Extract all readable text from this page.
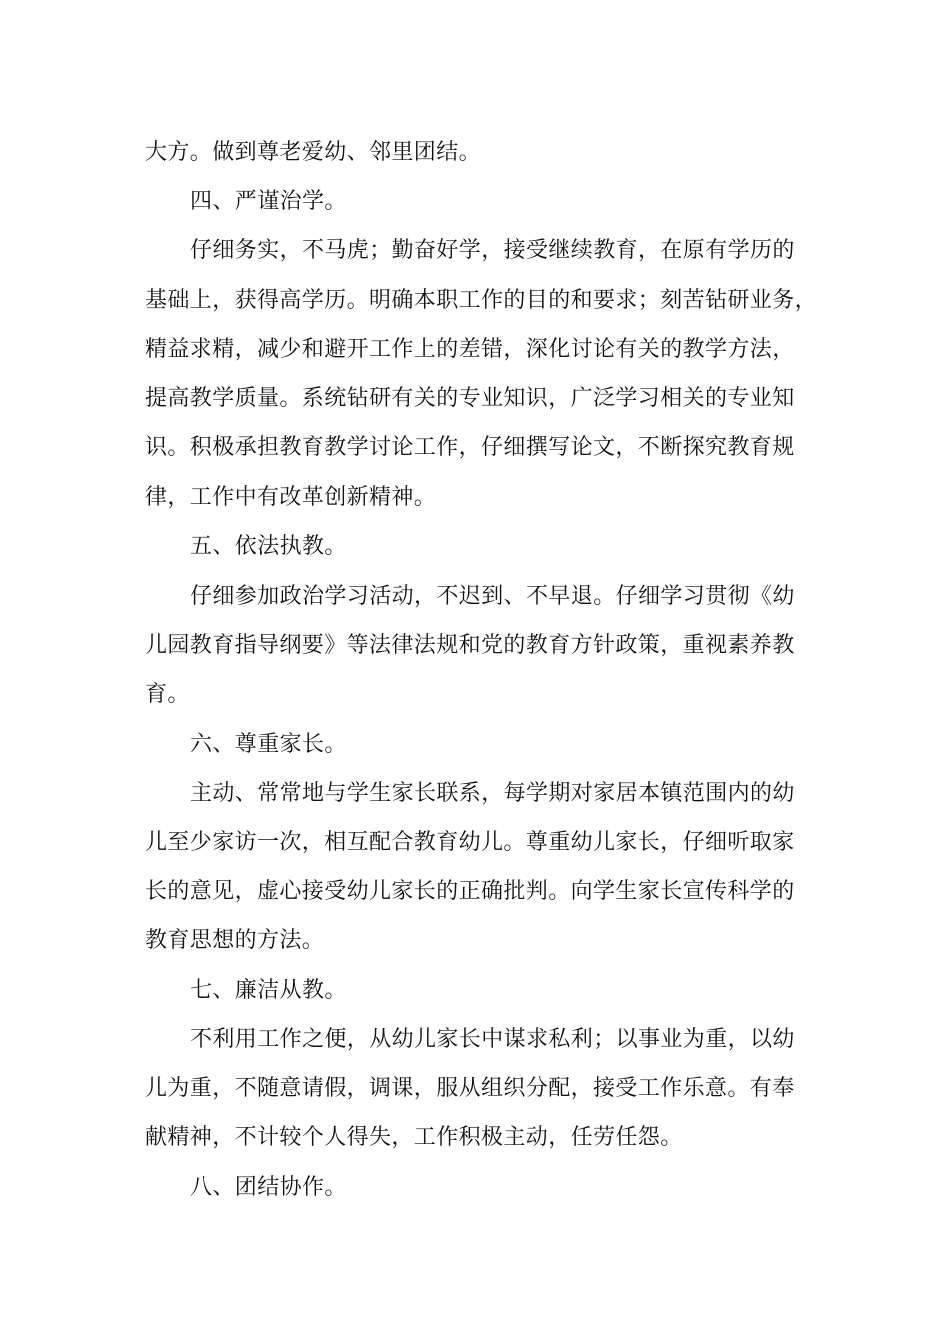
大方。做到尊老爱幼、邻里团结。
四、严谨治学。
仔细务实，不马虎；勤奋好学，接受继续教育，在原有学历的
基础上，获得高学历。明确本职工作的目的和要求；刻苦钻研业务，
精益求精，减少和避开工作上的差错，深化讨论有关的教学方法，
提高教学质量。系统钻研有关的专业知识，广泛学习相关的专业知
识。积极承担教育教学讨论工作，仔细撰写论文，不断探究教育规
律，工作中有改革创新精神。
五、依法执教。
仔细参加政治学习活动，不迟到、不早退。仔细学习贯彻《幼
儿园教育指导纲要》等法律法规和党的教育方针政策，重视素养教
育。
六、尊重家长。
主动、常常地与学生家长联系，每学期对家居本镇范围内的幼
儿至少家访一次，相互配合教育幼儿。尊重幼儿家长，仔细听取家
长的意见，虚心接受幼儿家长的正确批判。向学生家长宣传科学的
教育思想的方法。
七、廉洁从教。
不利用工作之便，从幼儿家长中谋求私利；以事业为重，以幼
儿为重，不随意请假，调课，服从组织分配，接受工作乐意。有奉
献精神，不计较个人得失，工作积极主动，任劳任怨。
八、团结协作。
